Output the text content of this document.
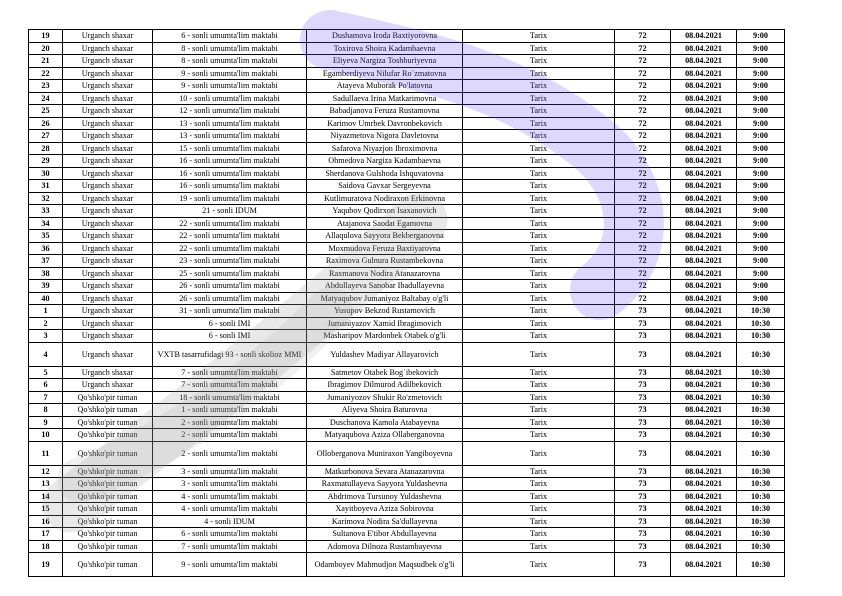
19	Urganch shaxar	6 - sonli umumta'lim maktabi	Dushamova Iroda Baxtiyorovna	Tarix	72	08.04.2021	9:00
20	Urganch shaxar	8 - sonli umumta'lim maktabi	Toxirova Shoira Kadambaevna	Tarix	72	08.04.2021	9:00
21	Urganch shaxar	8 - sonli umumta'lim maktabi	Eliyeva Nargiza Toshburiyevna	Tarix	72	08.04.2021	9:00
22	Urganch shaxar	9 - sonli umumta'lim maktabi	Egamberdiyeva Nilufar Ro`zmatovna	Tarix	72	08.04.2021	9:00
23	Urganch shaxar	9 - sonli umumta'lim maktabi	Atayeva Muborak Po'latovna	Tarix	72	08.04.2021	9:00
24	Urganch shaxar	10 - sonli umumta'lim maktabi	Sadullaeva Irina Matkarimovna	Tarix	72	08.04.2021	9:00
25	Urganch shaxar	12 - sonli umumta'lim maktabi	Babadjanova Feruza Rustamovna	Tarix	72	08.04.2021	9:00
26	Urganch shaxar	13 - sonli umumta'lim maktabi	Karimov Umrbek Davronbekovich	Tarix	72	08.04.2021	9:00
27	Urganch shaxar	13 - sonli umumta'lim maktabi	Niyazmetova Nigora Davletovna	Tarix	72	08.04.2021	9:00
28	Urganch shaxar	15 - sonli umumta'lim maktabi	Safarova Niyazjon Ibroximovna	Tarix	72	08.04.2021	9:00
29	Urganch shaxar	16 - sonli umumta'lim maktabi	Ohmedova Nargiza Kadambaevna	Tarix	72	08.04.2021	9:00
30	Urganch shaxar	16 - sonli umumta'lim maktabi	Sherdanova Gulshoda Ishquvatovna	Tarix	72	08.04.2021	9:00
31	Urganch shaxar	16 - sonli umumta'lim maktabi	Saidova Gavxar Sergeyevna	Tarix	72	08.04.2021	9:00
32	Urganch shaxar	19 - sonli umumta'lim maktabi	Kutlimuratova Nodiraxon Erkinovna	Tarix	72	08.04.2021	9:00
33	Urganch shaxar	21 - sonli IDUM	Yaqubov Qodirxon Isaxanovich	Tarix	72	08.04.2021	9:00
34	Urganch shaxar	22 - sonli umumta'lim maktabi	Atajanova Saodat Egamovna	Tarix	72	08.04.2021	9:00
35	Urganch shaxar	22 - sonli umumta'lim maktabi	Allaqulova Sayyora Bekberganovna	Tarix	72	08.04.2021	9:00
36	Urganch shaxar	22 - sonli umumta'lim maktabi	Moxmudova Feruza Baxtiyarovna	Tarix	72	08.04.2021	9:00
37	Urganch shaxar	23 - sonli umumta'lim maktabi	Raximova Gulnura Rustambekovna	Tarix	72	08.04.2021	9:00
38	Urganch shaxar	25 - sonli umumta'lim maktabi	Raxmanova Nodira Atanazarovna	Tarix	72	08.04.2021	9:00
39	Urganch shaxar	26 - sonli umumta'lim maktabi	Abdullayeva Sanobar Ibadullayevna	Tarix	72	08.04.2021	9:00
40	Urganch shaxar	26 - sonli umumta'lim maktabi	Matyaqubov Jumaniyoz Baltabay o'g'li	Tarix	72	08.04.2021	9:00
1	Urganch shaxar	31 - sonli umumta'lim maktabi	Yusupov Bekzod Rustamovich	Tarix	73	08.04.2021	10:30
2	Urganch shaxar	6 - sonli IMI	Jumaniyazov Xamid Ibragimovich	Tarix	73	08.04.2021	10:30
3	Urganch shaxar	6 - sonli IMI	Masharipov Mardonbek Otabek o'g'li	Tarix	73	08.04.2021	10:30
4	Urganch shaxar	VXTB tasarrufidagi 93 - sonli skolioz MMI	Yuldashev Madiyar Allayarovich	Tarix	73	08.04.2021	10:30
5	Urganch shaxar	7 - sonli umumta'lim maktabi	Satmetov Otabek Bog`ibekovich	Tarix	73	08.04.2021	10:30
6	Urganch shaxar	7 - sonli umumta'lim maktabi	Ibragimov Dilmurod Adilbekovich	Tarix	73	08.04.2021	10:30
7	Qo'shko'pir tuman	18 - sonli umumta'lim maktabi	Jumaniyozov Shukir Ro'zmetovich	Tarix	73	08.04.2021	10:30
8	Qo'shko'pir tuman	1 - sonli umumta'lim maktabi	Aliyeva Shoira Baturovna	Tarix	73	08.04.2021	10:30
9	Qo'shko'pir tuman	2 - sonli umumta'lim maktabi	Duschanova Kamola Atabayevna	Tarix	73	08.04.2021	10:30
10	Qo'shko'pir tuman	2 - sonli umumta'lim maktabi	Matyaqubova Aziza Ollaberganovna	Tarix	73	08.04.2021	10:30
11	Qo'shko'pir tuman	2 - sonli umumta'lim maktabi	Olloberganova Muniraxon Yangiboyevna	Tarix	73	08.04.2021	10:30
12	Qo'shko'pir tuman	3 - sonli umumta'lim maktabi	Matkurbonova Sevara Atanazarovna	Tarix	73	08.04.2021	10:30
13	Qo'shko'pir tuman	3 - sonli umumta'lim maktabi	Raxmatullayeva Sayyora Yuldashevna	Tarix	73	08.04.2021	10:30
14	Qo'shko'pir tuman	4 - sonli umumta'lim maktabi	Abdrimova Tursunoy Yuldashevna	Tarix	73	08.04.2021	10:30
15	Qo'shko'pir tuman	4 - sonli umumta'lim maktabi	Xayitboyeva Aziza Sobirovna	Tarix	73	08.04.2021	10:30
16	Qo'shko'pir tuman	4 - sonli IDUM	Karimova Nodira Sa'dullayevna	Tarix	73	08.04.2021	10:30
17	Qo'shko'pir tuman	6 - sonli umumta'lim maktabi	Sultanova E'tibor Abdullayevna	Tarix	73	08.04.2021	10:30
18	Qo'shko'pir tuman	7 - sonli umumta'lim maktabi	Adomova Dilnoza Rustambayevna	Tarix	73	08.04.2021	10:30
19	Qo'shko'pir tuman	9 - sonli umumta'lim maktabi	Odamboyev Mahmudjon Maqsudbek o'g'li	Tarix	73	08.04.2021	10:30
